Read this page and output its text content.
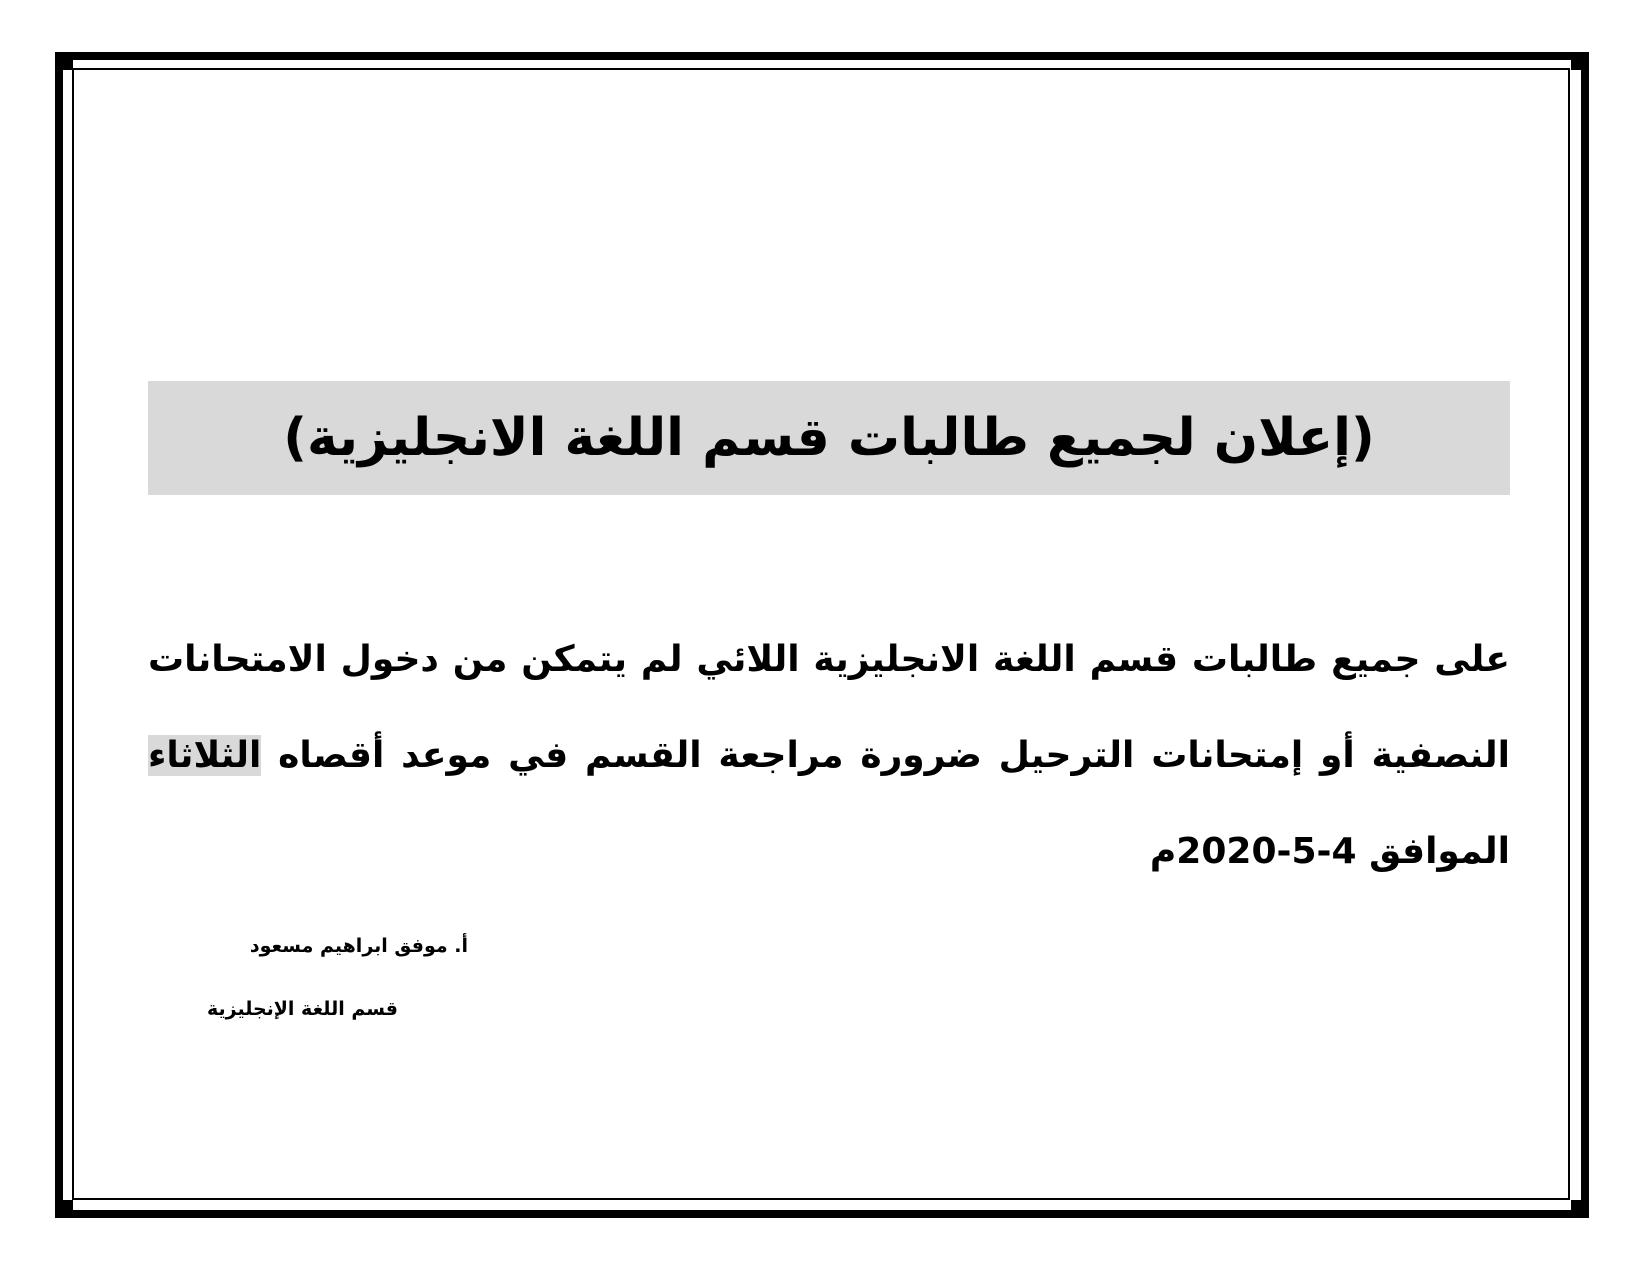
(إعلان لجميع طالبات قسم اللغة الانجليزية)
على جميع طالبات قسم اللغة الانجليزية اللائي لم يتمكن من دخول الامتحانات النصفية أو إمتحانات الترحيل ضرورة مراجعة القسم في موعد أقصاه الثلاثاء الموافق 4-5-2020م
أ. موفق ابراهيم مسعود
قسم اللغة الإنجليزية
